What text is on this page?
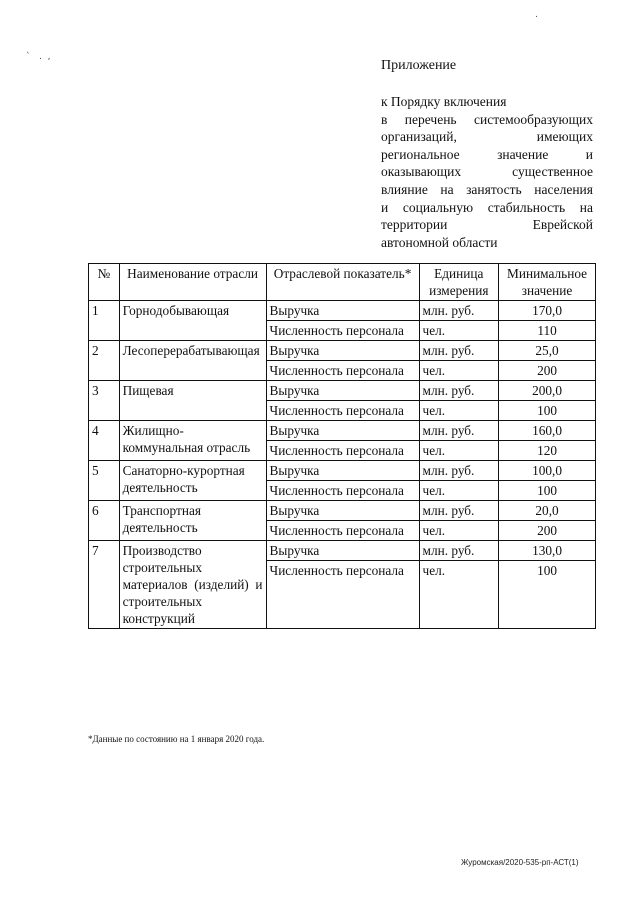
`   .  ,
.
Приложение
к Порядку включения
в перечень системообразующих
организаций, имеющих
региональное значение и
оказывающих существенное
влияние на занятость населения
и социальную стабильность на
территории Еврейской
автономной области
№	Наименование отрасли	Отраслевой показатель*	Единица измерения	Минимальное значение
1	Горнодобывающая	Выручка	млн. руб.	170,0
		Численность персонала	чел.	110
2	Лесоперерабатывающая	Выручка	млн. руб.	25,0
		Численность персонала	чел.	200
3	Пищевая	Выручка	млн. руб.	200,0
		Численность персонала	чел.	100
4	Жилищно-коммунальная отрасль	Выручка	млн. руб.	160,0
		Численность персонала	чел.	120
5	Санаторно-курортная деятельность	Выручка	млн. руб.	100,0
		Численность персонала	чел.	100
6	Транспортная деятельность	Выручка	млн. руб.	20,0
		Численность персонала	чел.	200
7	Производство строительных материалов (изделий) и строительных конструкций	Выручка	млн. руб.	130,0
		Численность персонала	чел.	100
*Данные по состоянию на 1 января 2020 года.
Журомская/2020-535-рп-АСТ(1)
